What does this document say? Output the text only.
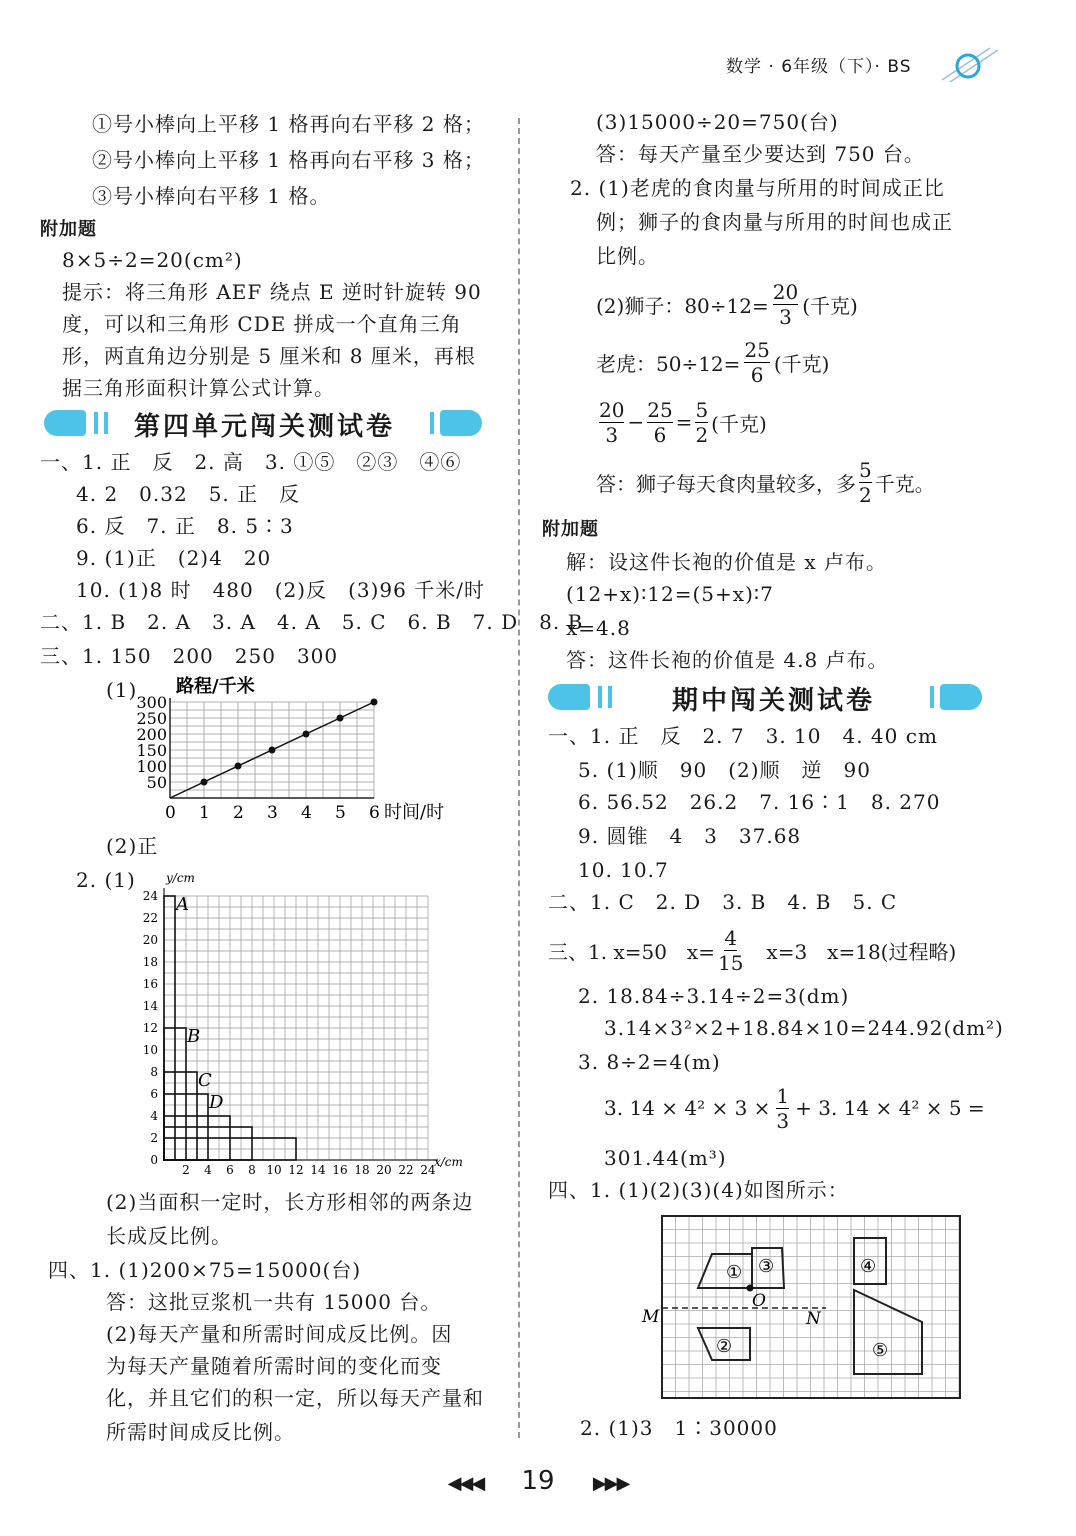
数学 · 6年级（下）· BS
①号小棒向上平移 1 格再向右平移 2 格；
②号小棒向上平移 1 格再向右平移 3 格；
③号小棒向右平移 1 格。
附加题
8×5÷2=20(cm²)
提示：将三角形 AEF 绕点 E 逆时针旋转 90
度，可以和三角形 CDE 拼成一个直角三角
形，两直角边分别是 5 厘米和 8 厘米，再根
据三角形面积计算公式计算。
第四单元闯关测试卷
一、1. 正　反　2. 高　3. ①⑤　②③　④⑥
4. 2　0.32　5. 正　反
6. 反　7. 正　8. 5∶3
9. (1)正　(2)4　20
10. (1)8 时　480　(2)反　(3)96 千米/时
二、1. B　2. A　3. A　4. A　5. C　6. B　7. D　8. B
三、1. 150　200　250　300
(1) 路程/千米
时间/时
0 1 2 3 4 5 6
50
100
150
200
250
300
(2)正
2. (1)	y/cm
x/cm
2 4 6 8 10 12 14 16 18 20 22 24
0
2
4
6
8
10
12
14
16
18
20
22
24 A
B
C
D
(2)当面积一定时，长方形相邻的两条边
长成反比例。
四、1. (1)200×75=15000(台)
答：这批豆浆机一共有 15000 台。
(2)每天产量和所需时间成反比例。因
为每天产量随着所需时间的变化而变
化，并且它们的积一定，所以每天产量和
所需时间成反比例。
(3)15000÷20=750(台)
答：每天产量至少要达到 750 台。
2. (1)老虎的食肉量与所用的时间成正比
例；狮子的食肉量与所用的时间也成正
比例。
(2)狮子：$80\div 12= \frac{20}{3}$ (千克)
老虎：$50\div 12= \frac{25}{6}$ (千克)
$\frac{20}{3} - \frac{25}{6} = \frac{5}{2}$ (千克)
答：狮子每天食肉量较多，多 $\frac{5}{2}$ 千克。
附加题
解：设这件长袍的价值是 x 卢布。
(12+x)∶12=(5+x)∶7
x=4.8
答：这件长袍的价值是 4.8 卢布。
期中闯关测试卷
一、1. 正　反　2. 7　3. 10　4. 40 cm
5. (1)顺　90　(2)顺　逆　90
6. 56.52　26.2　7. 16∶1　8. 270
9. 圆锥　4　3　37.68
10. 10.7
二、1. C　2. D　3. B　4. B　5. C
三、1. x=50　$x= \frac{4}{15}$ 　x=3　x=18(过程略)
2. 18.84÷3.14÷2=3(dm)
3.14×3²×2+18.84×10=244.92(dm²)
3. 8÷2=4(m)
3. $14 \times 4^2 \times 3 \times \frac{1}{3} + 3$. 14 × 4² × 5 =
301.44(m³)
四、1. (1)(2)(3)(4)如图所示：
① ③
②
④
⑤
O
M	N
2. (1)3　1∶30000
◀◀◀ 19 ▶▶▶
